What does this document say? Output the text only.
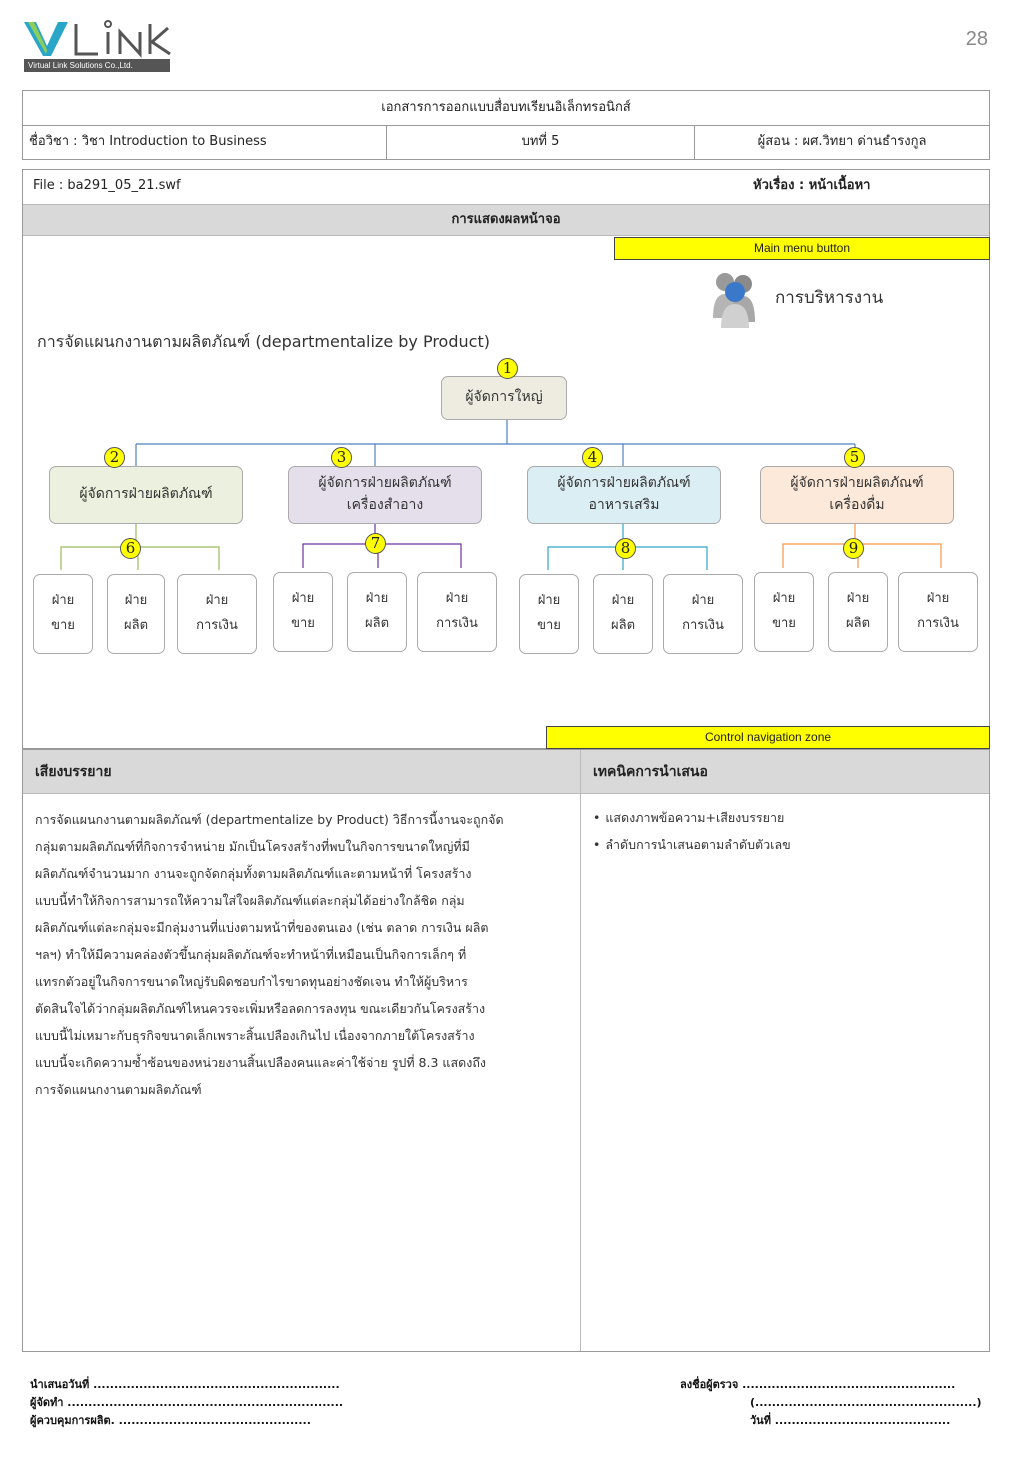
Virtual Link Solutions Co.,Ltd.
28
เอกสารการออกแบบสื่อบทเรียนอิเล็กทรอนิกส์
ชื่อวิชา : วิชา Introduction to Business	บทที่ 5	ผู้สอน : ผศ.วิทยา ด่านธำรงกูล
File : ba291_05_21.swf	หัวเรื่อง : หน้าเนื้อหา
การแสดงผลหน้าจอ
Main menu button
การบริหารงาน
การจัดแผนกงานตามผลิตภัณฑ์ (departmentalize by Product)
ผู้จัดการใหญ่
1
ผู้จัดการฝ่ายผลิตภัณฑ์
ผู้จัดการฝ่ายผลิตภัณฑ์
เครื่องสำอาง
ผู้จัดการฝ่ายผลิตภัณฑ์
อาหารเสริม
ผู้จัดการฝ่ายผลิตภัณฑ์
เครื่องดื่ม
2	3	4	5
6	7	8	9
ฝ่าย
ขาย
ฝ่าย
ผลิต
ฝ่าย
การเงิน
ฝ่าย
ขาย
ฝ่าย
ผลิต
ฝ่าย
การเงิน
ฝ่าย
ขาย
ฝ่าย
ผลิต
ฝ่าย
การเงิน
ฝ่าย
ขาย
ฝ่าย
ผลิต
ฝ่าย
การเงิน
Control navigation zone
เสียงบรรยาย	เทคนิคการนำเสนอ

การจัดแผนกงานตามผลิตภัณฑ์ (departmentalize by Product) วิธีการนี้งานจะถูกจัด

กลุ่มตามผลิตภัณฑ์ที่กิจการจำหน่าย มักเป็นโครงสร้างที่พบในกิจการขนาดใหญ่ที่มี

ผลิตภัณฑ์จำนวนมาก งานจะถูกจัดกลุ่มทั้งตามผลิตภัณฑ์และตามหน้าที่ โครงสร้าง

แบบนี้ทำให้กิจการสามารถให้ความใส่ใจผลิตภัณฑ์แต่ละกลุ่มได้อย่างใกล้ชิด กลุ่ม

ผลิตภัณฑ์แต่ละกลุ่มจะมีกลุ่มงานที่แบ่งตามหน้าที่ของตนเอง (เช่น ตลาด การเงิน ผลิต

ฯลฯ) ทำให้มีความคล่องตัวขึ้นกลุ่มผลิตภัณฑ์จะทำหน้าที่เหมือนเป็นกิจการเล็กๆ ที่

แทรกตัวอยู่ในกิจการขนาดใหญ่รับผิดชอบกำไรขาดทุนอย่างชัดเจน ทำให้ผู้บริหาร

ตัดสินใจได้ว่ากลุ่มผลิตภัณฑ์ไหนควรจะเพิ่มหรือลดการลงทุน ขณะเดียวกันโครงสร้าง

แบบนี้ไม่เหมาะกับธุรกิจขนาดเล็กเพราะสิ้นเปลืองเกินไป เนื่องจากภายใต้โครงสร้าง

แบบนี้จะเกิดความซ้ำซ้อนของหน่วยงานสิ้นเปลืองคนและค่าใช้จ่าย รูปที่ 8.3 แสดงถึง

การจัดแผนกงานตามผลิตภัณฑ์

• แสดงภาพข้อความ+เสียงบรรยาย
• ลำดับการนำเสนอตามลำดับตัวเลข
นำเสนอวันที่ ...........................................................
ผู้จัดทำ ..................................................................
ผู้ควบคุมการผลิต. ..............................................
ลงชื่อผู้ตรวจ ...................................................
(.....................................................)
วันที่ ..........................................
